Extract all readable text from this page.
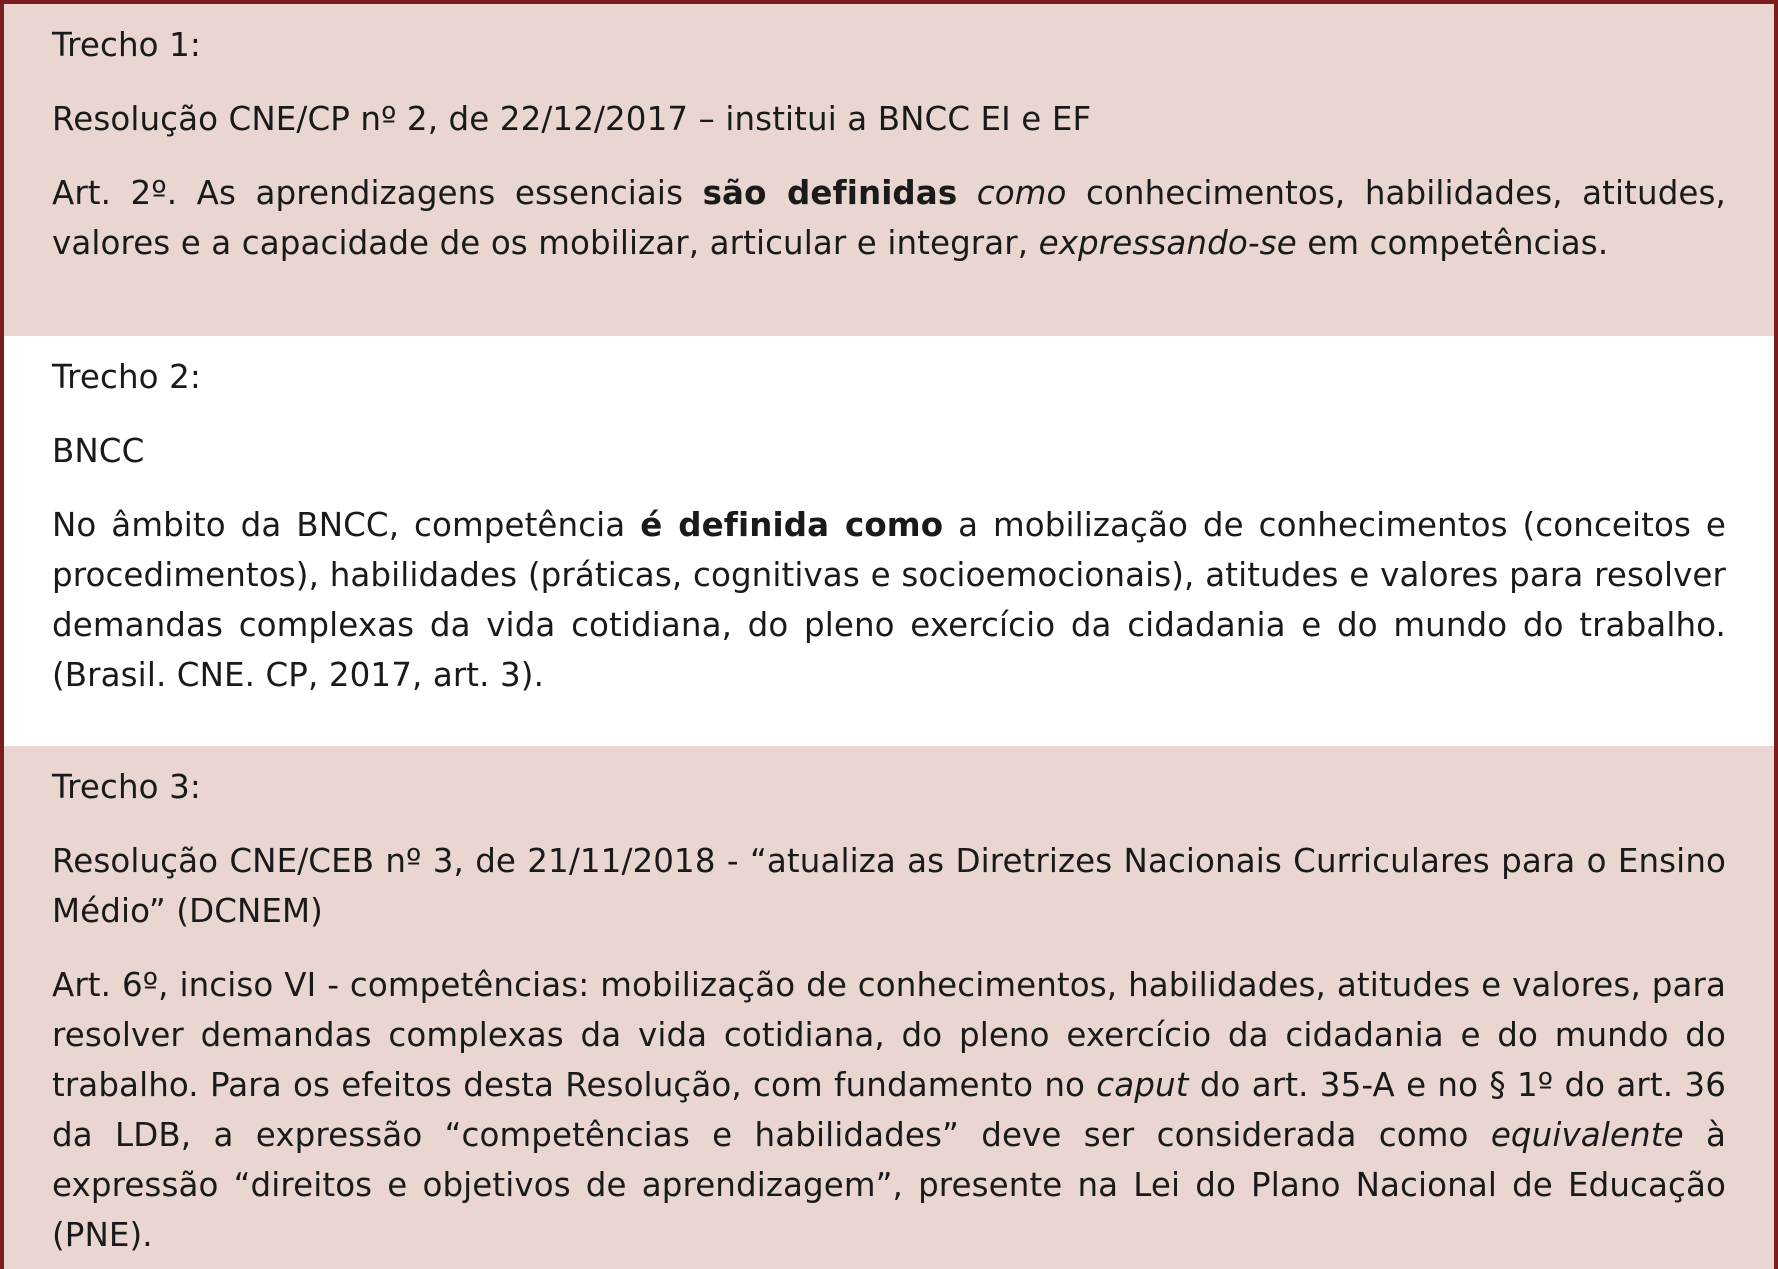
Trecho 1:

Resolução CNE/CP nº 2, de 22/12/2017 – institui a BNCC EI e EF

Art. 2º. As aprendizagens essenciais são definidas como conhecimentos, habilidades, atitudes, valores e a capacidade de os mobilizar, articular e integrar, expressando-se em competências.

Trecho 2:

BNCC

No âmbito da BNCC, competência é definida como a mobilização de conhecimentos (conceitos e procedimentos), habilidades (práticas, cognitivas e socioemocionais), atitudes e valores para resolver demandas complexas da vida cotidiana, do pleno exercício da cidadania e do mundo do trabalho. (Brasil. CNE. CP, 2017, art. 3).

Trecho 3:

Resolução CNE/CEB nº 3, de 21/11/2018 - “atualiza as Diretrizes Nacionais Curriculares para o Ensino Médio” (DCNEM)

Art. 6º, inciso VI - competências: mobilização de conhecimentos, habilidades, atitudes e valores, para resolver demandas complexas da vida cotidiana, do pleno exercício da cidadania e do mundo do trabalho. Para os efeitos desta Resolução, com fundamento no caput do art. 35-A e no § 1º do art. 36 da LDB, a expressão “competências e habilidades” deve ser considerada como equivalente à expressão “direitos e objetivos de aprendizagem”, presente na Lei do Plano Nacional de Educação (PNE).
